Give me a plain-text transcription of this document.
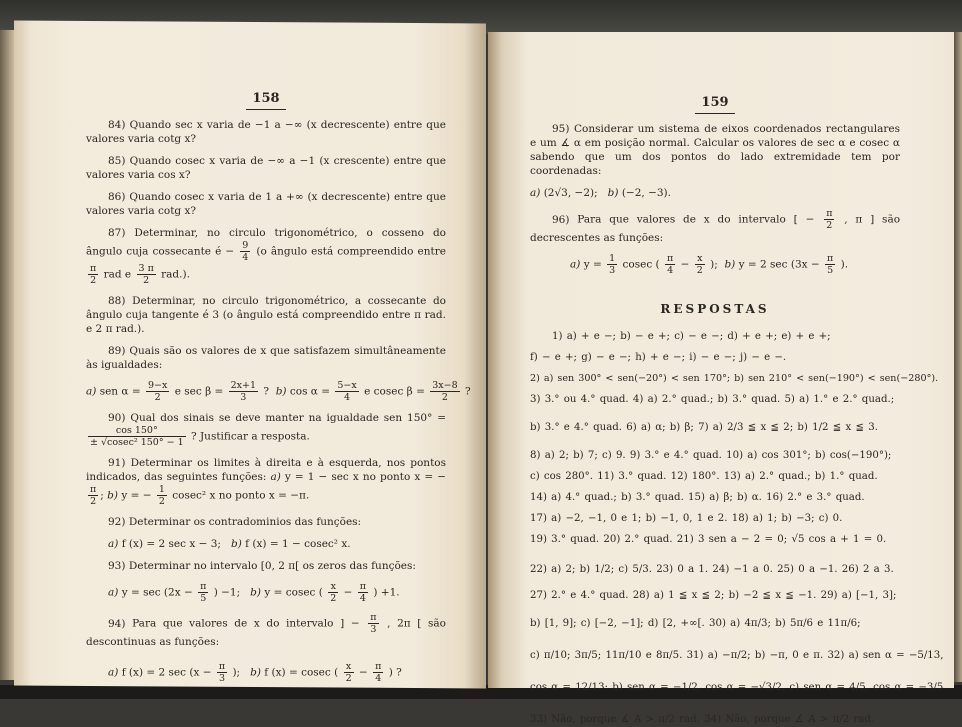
158
84) Quando sec x varia de −1 a −∞ (x decrescente) entre que valores varia cotg x?
85) Quando cosec x varia de −∞ a −1 (x crescente) entre que valores varia cos x?
86) Quando cosec x varia de 1 a +∞ (x decrescente) entre que valores varia cotg x?
87) Determinar, no circulo trigonométrico, o cosseno do ângulo cuja cossecante é − $\frac{9}{4} (o$ ângulo está compreendido entre
$\frac{\pi}{2}$ rad e $\frac{3 \pi}{2} rad$.).
88) Determinar, no circulo trigonométrico, a cossecante do ângulo cuja tangente é 3 (o ângulo está compreendido entre π rad. e 2 π rad.).
89) Quais são os valores de x que satisfazem simultâneamente às igualdades:
a) sen $\alpha = \frac{9-x}{2}$ e $\sec \beta = \frac{2x+1}{3}$ ? b) $\cos \alpha = \frac{5-x}{4}$ e cosec $\beta = \frac{3x-8}{2}$ ?
90) Qual dos sinais se deve manter na igualdade sen 150° =
$\frac{\cos 150^\circ}{\text{± √cosec² 150° − 1}}$ ? Justificar a resposta.
91) Determinar os limites à direita e à esquerda, nos pontos indicados, das seguintes funções: a) y = 1 − sec x no ponto x = −
$\frac{\pi}{2}$ ; b) y = − $\frac{1}{2} cosec^2$ x no ponto x = −π.
92) Determinar os contradominios das funções:
a) f (x) = 2 sec x − 3; b) f (x) = 1 − cosec² x.
93) Determinar no intervalo [0, 2 π[ os zeros das funções:
a) $y = \sec (2x - \frac{\pi}{5}$ ) −1; b) y = cosec ( $\frac{x}{2} - \frac{\pi}{4}$ ) +1.
94) Para que valores de x do intervalo ] − $\frac{\pi}{3}$ , 2π [ são descontinuas as funções:
a) f (x) = 2 $\sec (x - \frac{\pi}{3}$ ); b) f (x) = cosec ( $\frac{x}{2} - \frac{\pi}{4}$ ) ?
159
95) Considerar um sistema de eixos coordenados rectangulares e um ∡ α em posição normal. Calcular os valores de sec α e cosec α sabendo que um dos pontos do lado extremidade tem por coordenadas:
a) (2√3, −2); b) (−2, −3).
96) Para que valores de x do intervalo [ − $\frac{\pi}{2}$ , π ] são decrescentes as funções:
a) $y = \frac{1}{3}$ cosec ( $\frac{\pi}{4} - \frac{x}{2}$ ); b) y = 2 $\sec (3x - \frac{\pi}{5}$ ).
RESPOSTAS
1) a) + e −; b) − e +; c) − e −; d) + e +; e) + e +;
f) − e +; g) − e −; h) + e −; i) − e −; j) − e −.
2) a) sen 300° < sen(−20°) < sen 170°; b) sen 210° < sen(−190°) < sen(−280°).
3) 3.° ou 4.° quad. 4) a) 2.° quad.; b) 3.° quad. 5) a) 1.° e 2.° quad.;
b) 3.° e 4.° quad. 6) a) α; b) β; 7) a) 2/3 ≦ x ≦ 2; b) 1/2 ≦ x ≦ 3.
8) a) 2; b) 7; c) 9. 9) 3.° e 4.° quad. 10) a) cos 301°; b) cos(−190°);
c) cos 280°. 11) 3.° quad. 12) 180°. 13) a) 2.° quad.; b) 1.° quad.
14) a) 4.° quad.; b) 3.° quad. 15) a) β; b) α. 16) 2.° e 3.° quad.
17) a) −2, −1, 0 e 1; b) −1, 0, 1 e 2. 18) a) 1; b) −3; c) 0.
19) 3.° quad. 20) 2.° quad. 21) 3 sen a − 2 = 0; √5 cos a + 1 = 0.
22) a) 2; b) 1/2; c) 5/3. 23) 0 a 1. 24) −1 a 0. 25) 0 a −1. 26) 2 a 3.
27) 2.° e 4.° quad. 28) a) 1 ≦ x ≦ 2; b) −2 ≦ x ≦ −1. 29) a) [−1, 3];
b) [1, 9]; c) [−2, −1]; d) [2, +∞[. 30) a) 4π/3; b) 5π/6 e 11π/6;
c) π/10; 3π/5; 11π/10 e 8π/5. 31) a) −π/2; b) −π, 0 e π. 32) a) sen α = −5/13,
cos α = 12/13; b) sen α = −1/2, cos α = −√3/2, c) sen α = 4/5, cos α = −3/5
33) Não, porque ∡ A > π/2 rad. 34) Não, porque ∡ A > π/2 rad.
